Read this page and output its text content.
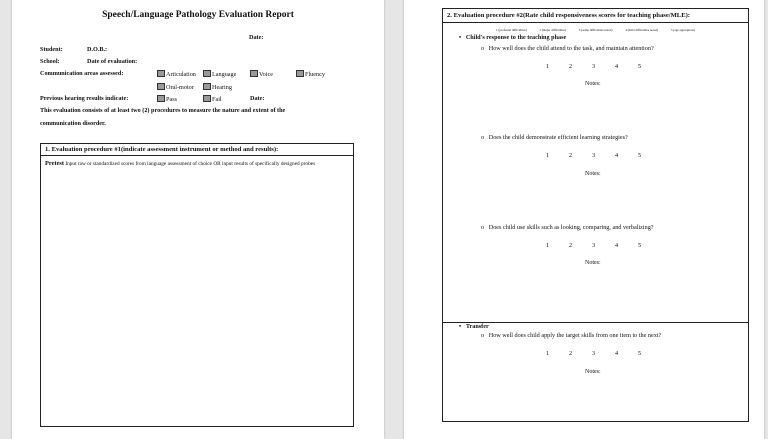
Speech/Language Pathology Evaluation Report
Date:
Student:	D.O.B.:
School:	Date of evaluation:
Communication areas assessed:	Articulation	Language	Voice	Fluency
Oral-motor	Hearing
Previous hearing results indicate:	Pass	Fail	Date:
This evaluation consists of at least two (2) procedures to measure the nature and extent of the
communication disorder.
1. Evaluation procedure #1(indicate assessment instrument or method and results):
Pretest Input raw or standardized scores from language assessment of choice OR input results of specifically designed probes
2. Evaluation procedure #2(Rate child responsiveness scores for teaching phase/MLE):
1 (profound difficulties)	2 (major difficulties)	3 (some difficulties noted)	4 (mild difficulties noted)	5 (age appropriate)
•   Child's response to the teaching phase
o   How well does the child attend to the task, and maintain attention?
1	2	3	4	5
Notes:
o   Does the child demonstrate efficient learning strategies?
1	2	3	4	5
Notes:
o   Does child use skills such as looking, comparing, and verbalizing?
1	2	3	4	5
Notes:
•   Transfer
o   How well does child apply the target skills from one item to the next?
1	2	3	4	5
Notes:
